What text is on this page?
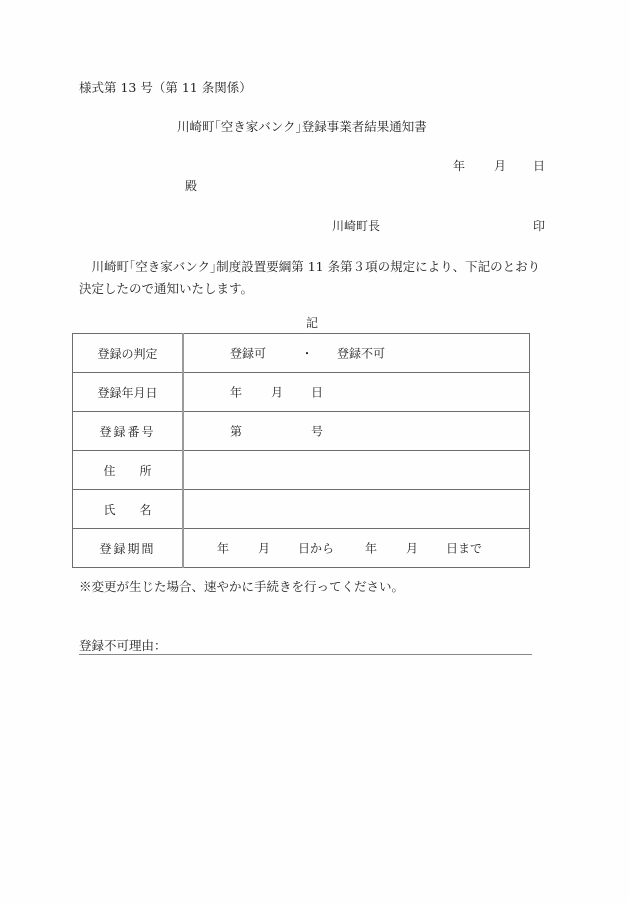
様式第 13 号（第 11 条関係）
川崎町｢空き家バンク｣登録事業者結果通知書
年 月 日
殿
川崎町長	印
　川崎町｢空き家バンク｣制度設置要綱第 11 条第３項の規定により、下記のとおり決定したので通知いたします。
記
登録の判定	登録可 ・ 登録不可

登録年月日	年 月 日

登録番号	第 号

住　　所	
氏　　名	
登録期間	年 月 日から	年 月 日まで
※変更が生じた場合、速やかに手続きを行ってください。
登録不可理由：
